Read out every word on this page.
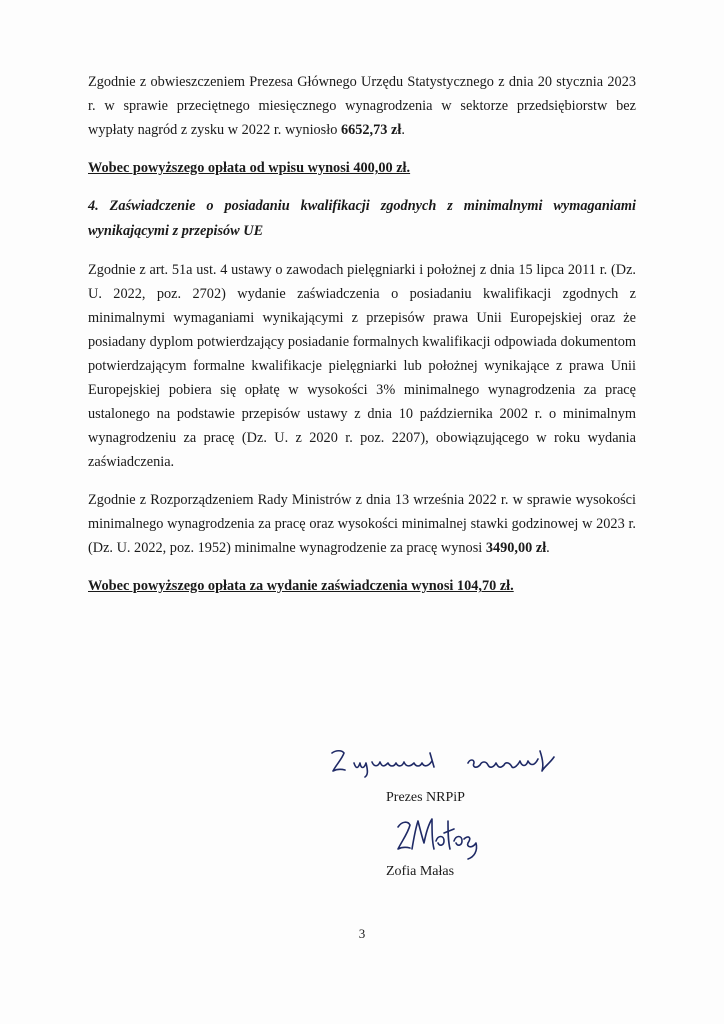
Zgodnie z obwieszczeniem Prezesa Głównego Urzędu Statystycznego z dnia 20 stycznia 2023 r. w sprawie przeciętnego miesięcznego wynagrodzenia w sektorze przedsiębiorstw bez wypłaty nagród z zysku w 2022 r. wyniosło 6652,73 zł.

Wobec powyższego opłata od wpisu wynosi 400,00 zł.

4. Zaświadczenie o posiadaniu kwalifikacji zgodnych z minimalnymi wymaganiami wynikającymi z przepisów UE

Zgodnie z art. 51a ust. 4 ustawy o zawodach pielęgniarki i położnej z dnia 15 lipca 2011 r. (Dz. U. 2022, poz. 2702) wydanie zaświadczenia o posiadaniu kwalifikacji zgodnych z minimalnymi wymaganiami wynikającymi z przepisów prawa Unii Europejskiej oraz że posiadany dyplom potwierdzający posiadanie formalnych kwalifikacji odpowiada dokumentom potwierdzającym formalne kwalifikacje pielęgniarki lub położnej wynikające z prawa Unii Europejskiej pobiera się opłatę w wysokości 3% minimalnego wynagrodzenia za pracę ustalonego na podstawie przepisów ustawy z dnia 10 października 2002 r. o minimalnym wynagrodzeniu za pracę (Dz. U. z 2020 r. poz. 2207), obowiązującego w roku wydania zaświadczenia.

Zgodnie z Rozporządzeniem Rady Ministrów z dnia 13 września 2022 r. w sprawie wysokości minimalnego wynagrodzenia za pracę oraz wysokości minimalnej stawki godzinowej w 2023 r. (Dz. U. 2022, poz. 1952) minimalne wynagrodzenie za pracę wynosi 3490,00 zł.

Wobec powyższego opłata za wydanie zaświadczenia wynosi 104,70 zł.

Prezes NRPiP
Zofia Małas
3
